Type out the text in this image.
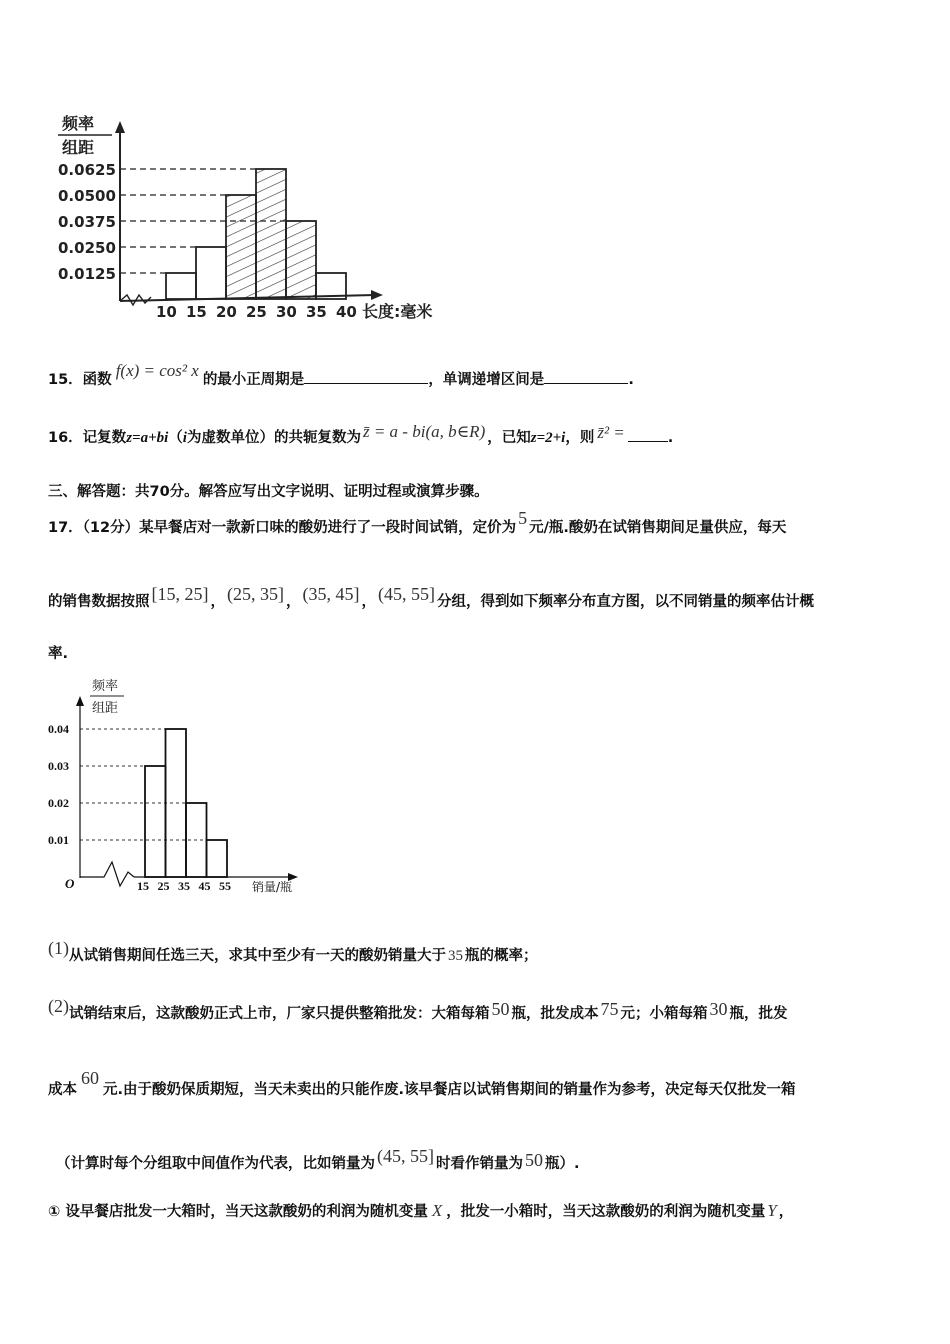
频率
组距
0.0125
0.0250
0.0375
0.0500
0.0625
10 15 20 25 30 35 40 长度:毫米
15．函数 f(x) = cos² x 的最小正周期是	，单调递增区间是	.
16．记复数z=a+bi（i为虚数单位）的共轭复数为 z̄ = a - bi(a, b∈R) ，已知z=2+i，则 z̄² =	.
三、解答题：共70分。解答应写出文字说明、证明过程或演算步骤。
17．（12分）某早餐店对一款新口味的酸奶进行了一段时间试销，定价为 5 元/瓶.酸奶在试销售期间足量供应，每天
的销售数据按照 [15, 25] ， (25, 35] ， (35, 45] ， (45, 55] 分组，得到如下频率分布直方图，以不同销量的频率估计概
率.
频率
组距
0.01
0.02
0.03
0.04
15 25 35 45 55
O	销量/瓶
(1)从试销售期间任选三天，求其中至少有一天的酸奶销量大于 35 瓶的概率；
(2)试销结束后，这款酸奶正式上市，厂家只提供整箱批发：大箱每箱 50 瓶，批发成本 75 元；小箱每箱 30 瓶，批发
成本60元.由于酸奶保质期短，当天未卖出的只能作废.该早餐店以试销售期间的销量作为参考，决定每天仅批发一箱
（计算时每个分组取中间值作为代表，比如销量为 (45, 55] 时看作销量为 50 瓶）.
① 设早餐店批发一大箱时，当天这款酸奶的利润为随机变量 X ，批发一小箱时，当天这款酸奶的利润为随机变量 Y ，
